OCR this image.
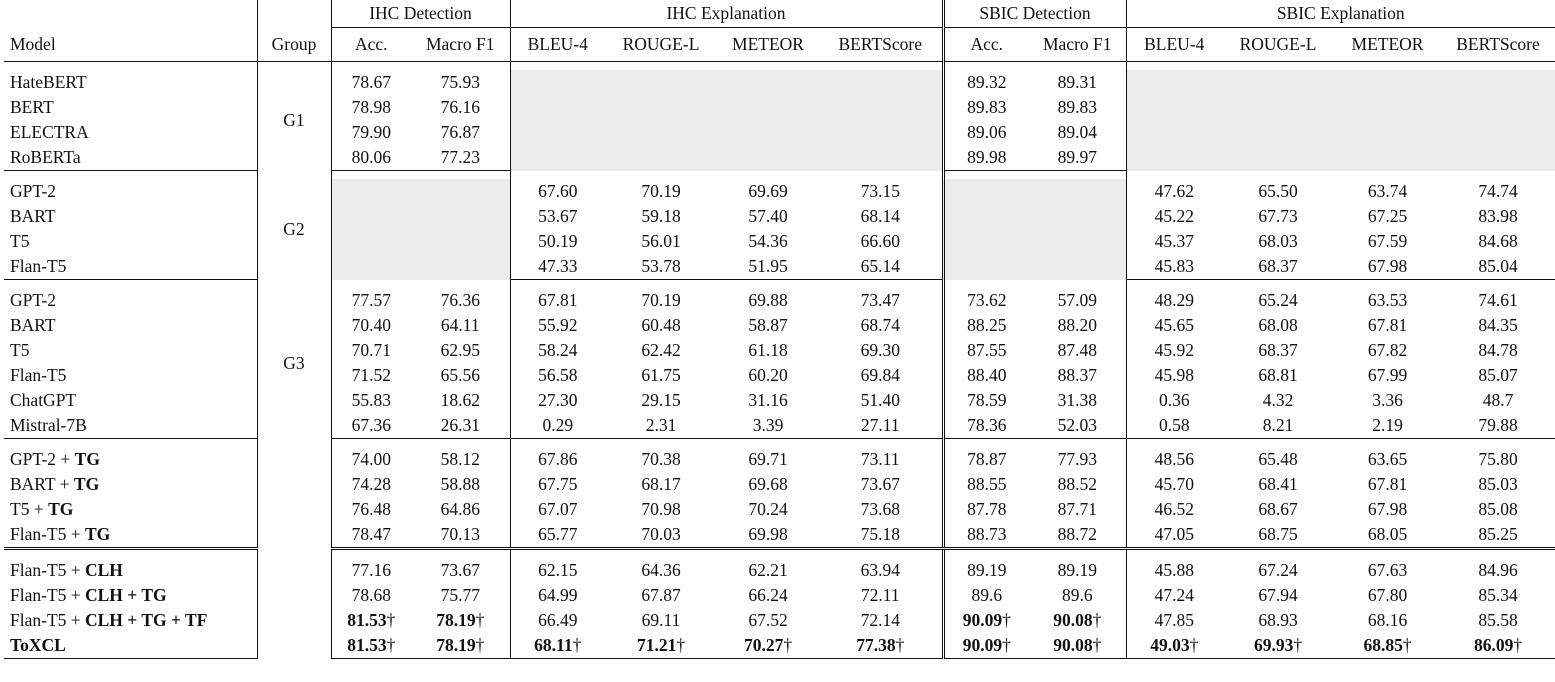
		IHC Detection		IHC Explanation				SBIC Detection		SBIC Explanation			
Model	Group	Acc.	Macro F1	BLEU-4	ROUGE-L	METEOR	BERTScore	Acc.	Macro F1	BLEU-4	ROUGE-L	METEOR	BERTScore

HateBERT	G1	78.67	75.93					89.32	89.31				
BERT		78.98	76.16					89.83	89.83				
ELECTRA		79.90	76.87					89.06	89.04				
RoBERTa		80.06	77.23					89.98	89.97				

GPT-2	G2			67.60	70.19	69.69	73.15			47.62	65.50	63.74	74.74
BART				53.67	59.18	57.40	68.14			45.22	67.73	67.25	83.98
T5				50.19	56.01	54.36	66.60			45.37	68.03	67.59	84.68
Flan-T5				47.33	53.78	51.95	65.14			45.83	68.37	67.98	85.04

GPT-2	G3	77.57	76.36	67.81	70.19	69.88	73.47	73.62	57.09	48.29	65.24	63.53	74.61
BART		70.40	64.11	55.92	60.48	58.87	68.74	88.25	88.20	45.65	68.08	67.81	84.35
T5		70.71	62.95	58.24	62.42	61.18	69.30	87.55	87.48	45.92	68.37	67.82	84.78
Flan-T5		71.52	65.56	56.58	61.75	60.20	69.84	88.40	88.37	45.98	68.81	67.99	85.07
ChatGPT		55.83	18.62	27.30	29.15	31.16	51.40	78.59	31.38	0.36	4.32	3.36	48.7
Mistral-7B		67.36	26.31	0.29	2.31	3.39	27.11	78.36	52.03	0.58	8.21	2.19	79.88

GPT-2 + TG		74.00	58.12	67.86	70.38	69.71	73.11	78.87	77.93	48.56	65.48	63.65	75.80
BART + TG		74.28	58.88	67.75	68.17	69.68	73.67	88.55	88.52	45.70	68.41	67.81	85.03
T5 + TG		76.48	64.86	67.07	70.98	70.24	73.68	87.78	87.71	46.52	68.67	67.98	85.08
Flan-T5 + TG		78.47	70.13	65.77	70.03	69.98	75.18	88.73	88.72	47.05	68.75	68.05	85.25

Flan-T5 + CLH		77.16	73.67	62.15	64.36	62.21	63.94	89.19	89.19	45.88	67.24	67.63	84.96
Flan-T5 + CLH + TG		78.68	75.77	64.99	67.87	66.24	72.11	89.6	89.6	47.24	67.94	67.80	85.34
Flan-T5 + CLH + TG + TF		81.53†	78.19†	66.49	69.11	67.52	72.14	90.09†	90.08†	47.85	68.93	68.16	85.58
ToXCL		81.53†	78.19†	68.11†	71.21†	70.27†	77.38†	90.09†	90.08†	49.03†	69.93†	68.85†	86.09†
